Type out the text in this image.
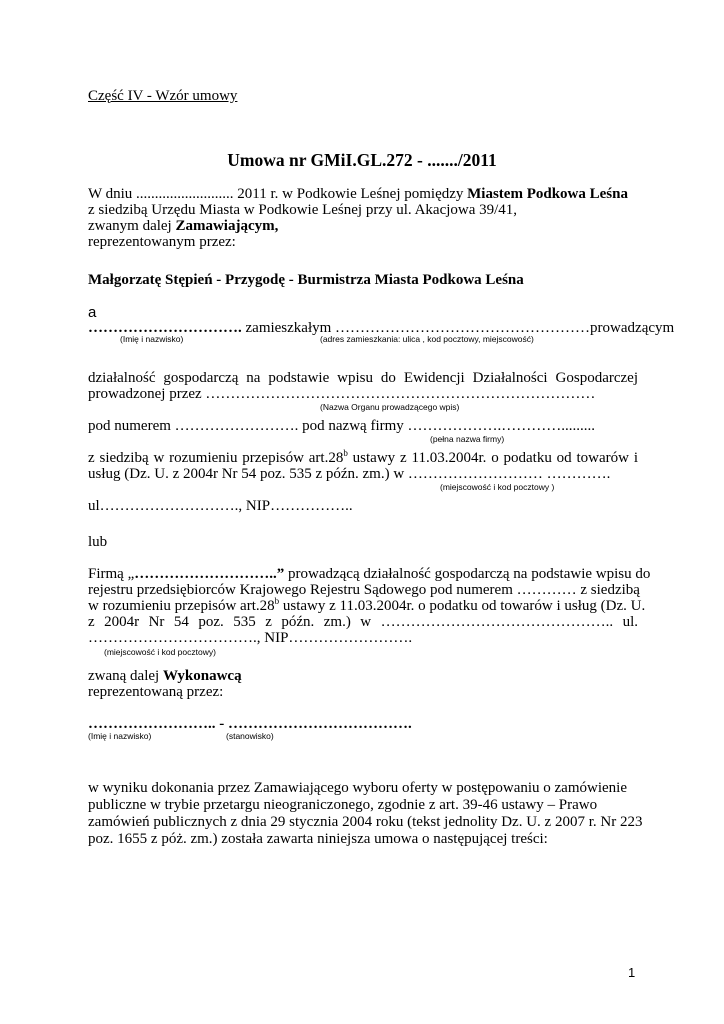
Część IV - Wzór umowy
Umowa nr GMiI.GL.272 - ......./2011
W dniu .......................... 2011 r. w Podkowie Leśnej pomiędzy Miastem Podkowa Leśna
z siedzibą Urzędu Miasta w Podkowie Leśnej przy ul. Akacjowa 39/41,
zwanym dalej Zamawiającym,
reprezentowanym przez:
Małgorzatę Stępień - Przygodę - Burmistrza Miasta Podkowa Leśna
a
…………………………. zamieszkałym ……………………………………………prowadzącym
(Imię i nazwisko)	(adres zamieszkania: ulica , kod pocztowy, miejscowość)
działalność gospodarczą na podstawie wpisu do Ewidencji Działalności Gospodarczej
prowadzonej przez ……………………………………………………………………
(Nazwa Organu prowadzącego wpis)
pod numerem ……………………. pod nazwą firmy ……………….………….........
(pełna nazwa firmy)
z siedzibą w rozumieniu przepisów art.28$^b$ ustawy z 11.03.2004r. o podatku od towarów i
usług (Dz. U. z 2004r Nr 54 poz. 535 z późn. zm.) w ……………………… ………….
(miejscowość i kod pocztowy )
ul………………………., NIP……………..
lub
Firmą „………………………..” prowadzącą działalność gospodarczą na podstawie wpisu do
rejestru przedsiębiorców Krajowego Rejestru Sądowego pod numerem ………… z siedzibą
w rozumieniu przepisów art.28$^b$ ustawy z 11.03.2004r. o podatku od towarów i usług (Dz. U.
z 2004r Nr 54 poz. 535 z późn. zm.) w ……………………………………….. ul.
……………………………., NIP…………………….
(miejscowość i kod pocztowy)
zwaną dalej Wykonawcą
reprezentowaną przez:
…………………….. - ……………………………….
(Imię i nazwisko)	(stanowisko)
w wyniku dokonania przez Zamawiającego wyboru oferty w postępowaniu o zamówienie
publiczne w trybie przetargu nieograniczonego, zgodnie z art. 39-46 ustawy – Prawo
zamówień publicznych z dnia 29 stycznia 2004 roku (tekst jednolity Dz. U. z 2007 r. Nr 223
poz. 1655 z póż. zm.) została zawarta niniejsza umowa o następującej treści:
1
